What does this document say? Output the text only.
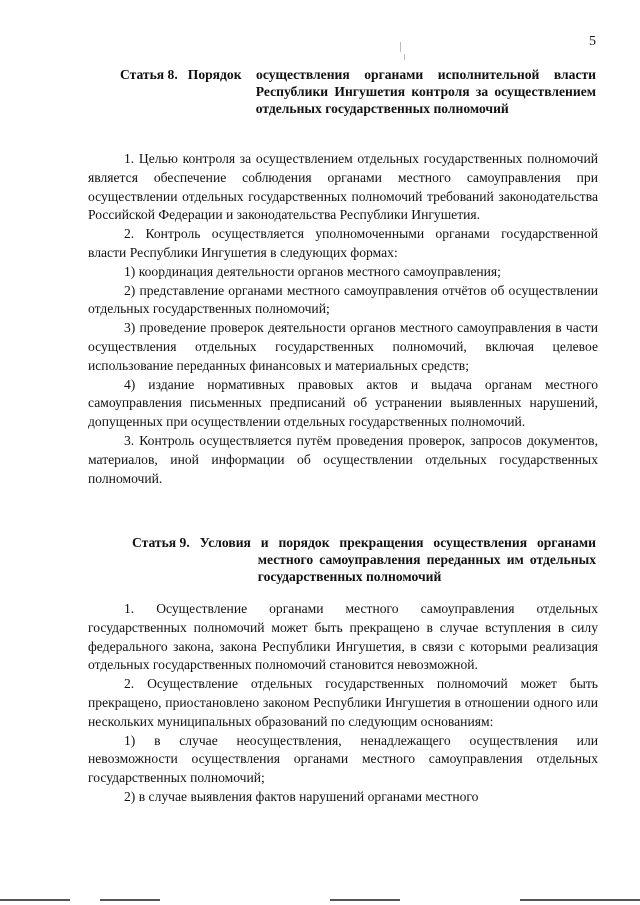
5
Статья 8. Порядок осуществления органами исполнительной власти Республики Ингушетия контроля за осуществлением отдельных государственных полномочий

1. Целью контроля за осуществлением отдельных государственных полномочий является обеспечение соблюдения органами местного самоуправления при осуществлении отдельных государственных полномочий требований законодательства Российской Федерации и законодательства Республики Ингушетия.

2. Контроль осуществляется уполномоченными органами государственной власти Республики Ингушетия в следующих формах:

1) координация деятельности органов местного самоуправления;

2) представление органами местного самоуправления отчётов об осуществлении отдельных государственных полномочий;

3) проведение проверок деятельности органов местного самоуправления в части осуществления отдельных государственных полномочий, включая целевое использование переданных финансовых и материальных средств;

4) издание нормативных правовых актов и выдача органам местного самоуправления письменных предписаний об устранении выявленных нарушений, допущенных при осуществлении отдельных государственных полномочий.

3. Контроль осуществляется путём проведения проверок, запросов документов, материалов, иной информации об осуществлении отдельных государственных полномочий.

Статья 9. Условия и порядок прекращения осуществления органами местного самоуправления переданных им отдельных государственных полномочий

1. Осуществление органами местного самоуправления отдельных государственных полномочий может быть прекращено в случае вступления в силу федерального закона, закона Республики Ингушетия, в связи с которыми реализация отдельных государственных полномочий становится невозможной.

2. Осуществление отдельных государственных полномочий может быть прекращено, приостановлено законом Республики Ингушетия в отношении одного или нескольких муниципальных образований по следующим основаниям:

1) в случае неосуществления, ненадлежащего осуществления или невозможности осуществления органами местного самоуправления отдельных государственных полномочий;

2) в случае выявления фактов нарушений органами местного
